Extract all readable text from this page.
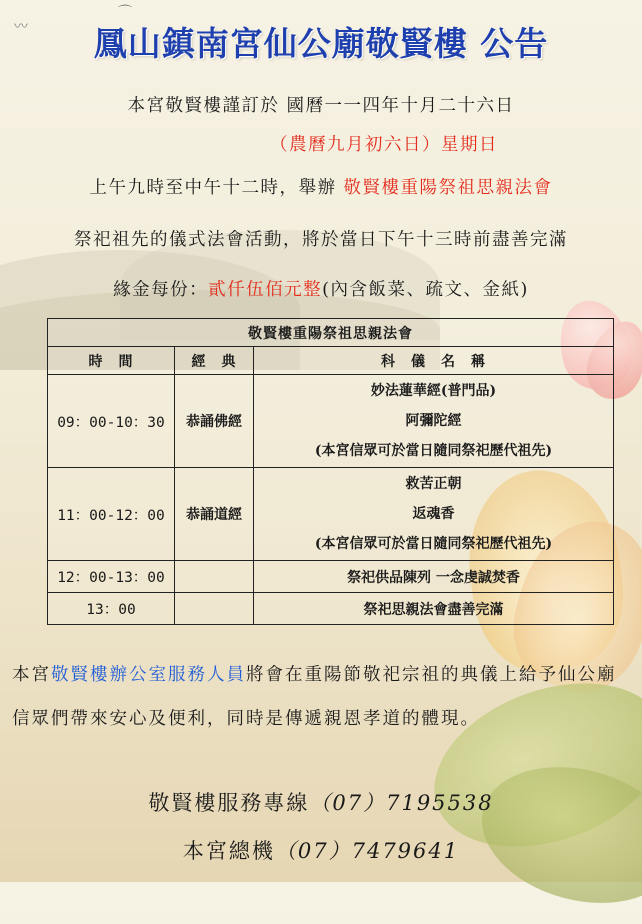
〰
⌒
鳳山鎮南宮仙公廟敬賢樓 公告
本宮敬賢樓謹訂於 國曆一一四年十月二十六日
（農曆九月初六日）星期日
上午九時至中午十二時，舉辦 敬賢樓重陽祭祖思親法會
祭祀祖先的儀式法會活動，將於當日下午十三時前盡善完滿
緣金每份：貳仟伍佰元整(內含飯菜、疏文、金紙)
敬賢樓重陽祭祖思親法會		
時　間	經　典	科　儀　名　稱
09：00-10：30	恭誦佛經	妙法蓮華經(普門品)
阿彌陀經
(本宮信眾可於當日隨同祭祀歷代祖先)

11：00-12：00	恭誦道經	救苦正朝
返魂香
(本宮信眾可於當日隨同祭祀歷代祖先)

12：00-13：00		祭祀供品陳列 一念虔誠焚香
13：00		祭祀思親法會盡善完滿
本宮敬賢樓辦公室服務人員將會在重陽節敬祀宗祖的典儀上給予仙公廟信眾們帶來安心及便利，同時是傳遞親恩孝道的體現。
敬賢樓服務專線（07）7195538
本宮總機（07）7479641
